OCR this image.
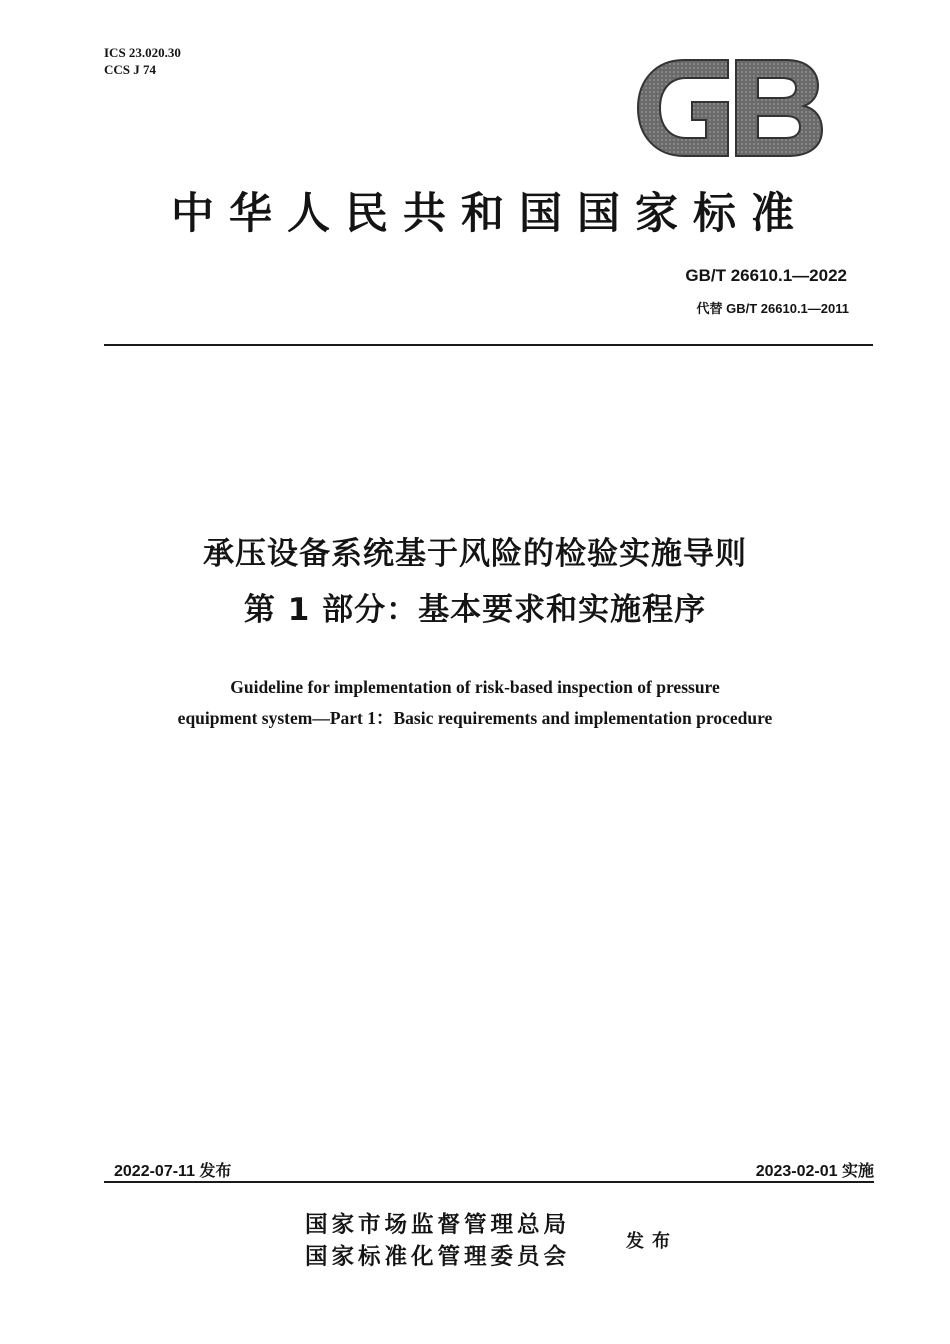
ICS 23.020.30
CCS J 74
中华人民共和国国家标准
GB/T 26610.1—2022
代替 GB/T 26610.1—2011
承压设备系统基于风险的检验实施导则
第 1 部分：基本要求和实施程序
Guideline for implementation of risk-based inspection of pressure
equipment system—Part 1：Basic requirements and implementation procedure
2022-07-11 发布	2023-02-01 实施
国家市场监督管理总局
国家标准化管理委员会
发布
